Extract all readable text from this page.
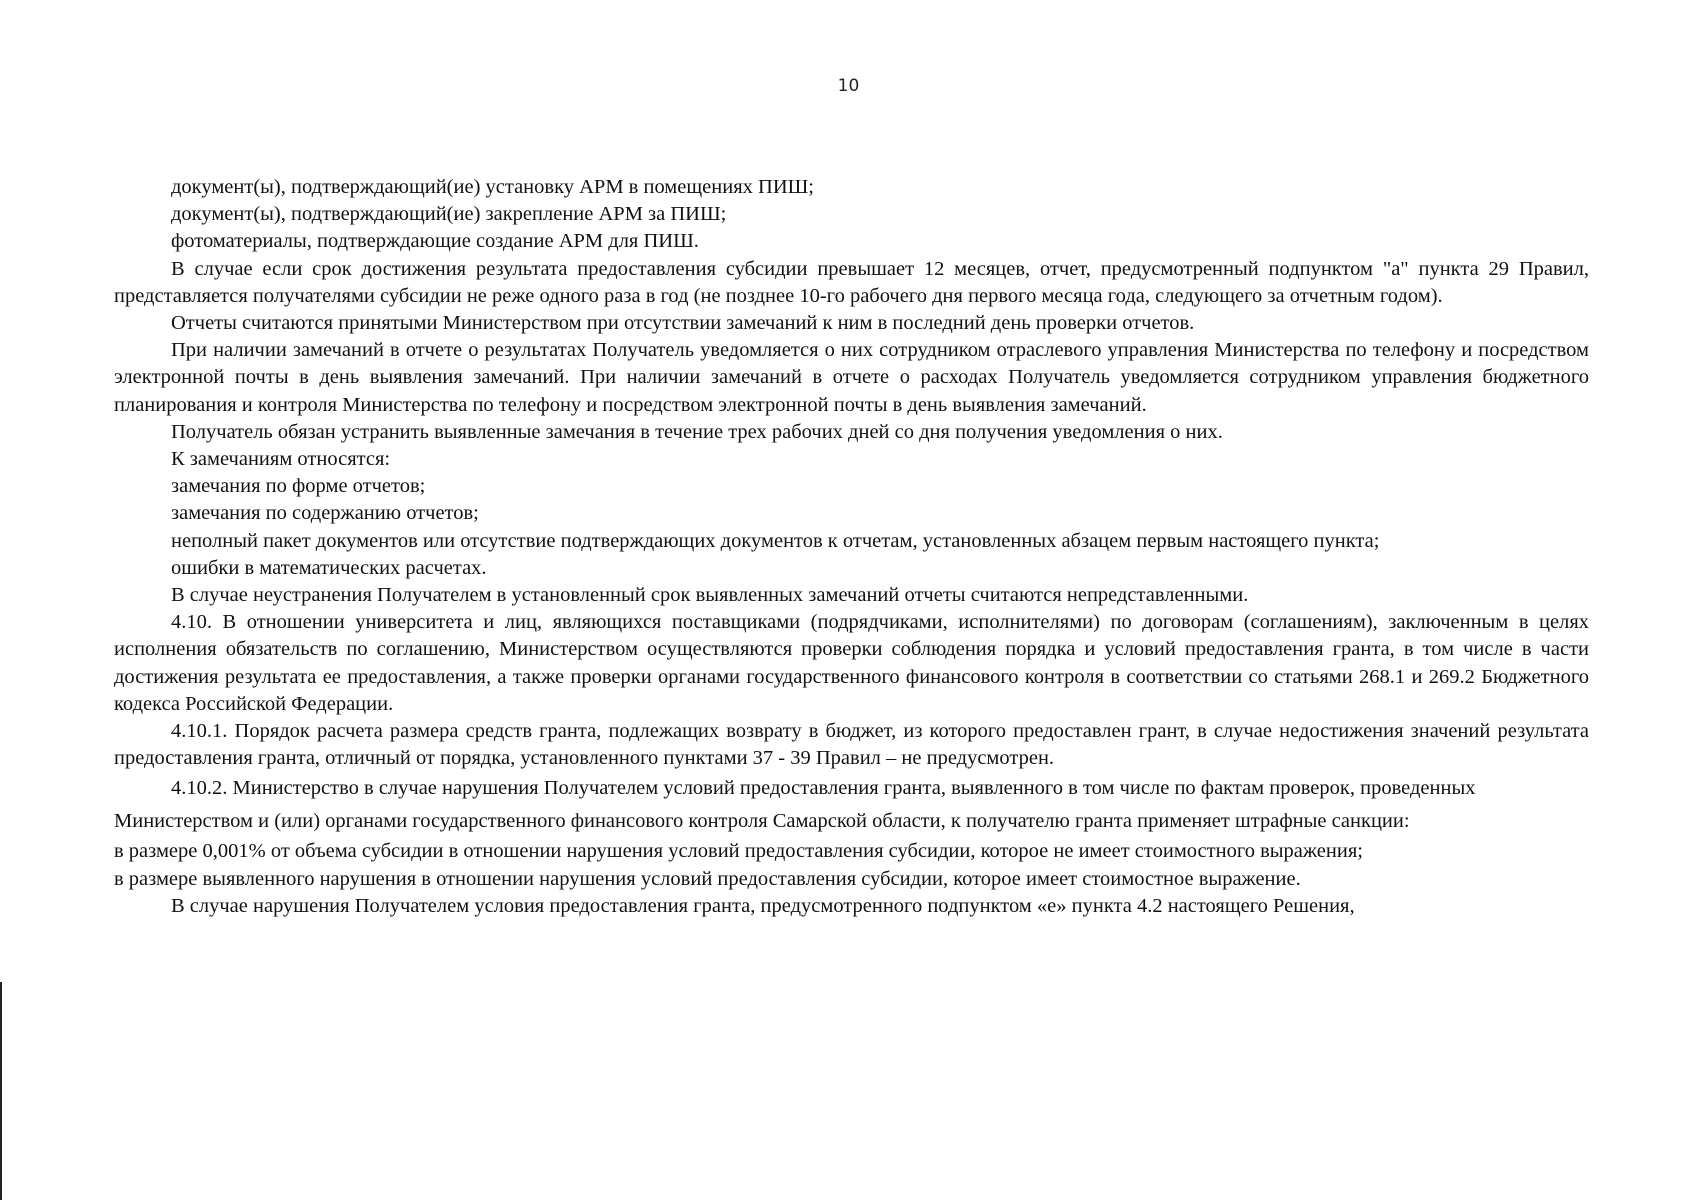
10

документ(ы), подтверждающий(ие) установку АРМ в помещениях ПИШ;

документ(ы), подтверждающий(ие) закрепление АРМ за ПИШ;

фотоматериалы, подтверждающие создание АРМ для ПИШ.

В случае если срок достижения результата предоставления субсидии превышает 12 месяцев, отчет, предусмотренный подпунктом "а" пункта 29 Правил, представляется получателями субсидии не реже одного раза в год (не позднее 10-го рабочего дня первого месяца года, следующего за отчетным годом).

Отчеты считаются принятыми Министерством при отсутствии замечаний к ним в последний день проверки отчетов.

При наличии замечаний в отчете о результатах Получатель уведомляется о них сотрудником отраслевого управления Министерства по телефону и посредством электронной почты в день выявления замечаний. При наличии замечаний в отчете о расходах Получатель уведомляется сотрудником управления бюджетного планирования и контроля Министерства по телефону и посредством электронной почты в день выявления замечаний.

Получатель обязан устранить выявленные замечания в течение трех рабочих дней со дня получения уведомления о них.

К замечаниям относятся:

замечания по форме отчетов;

замечания по содержанию отчетов;

неполный пакет документов или отсутствие подтверждающих документов к отчетам, установленных абзацем первым настоящего пункта;

ошибки в математических расчетах.

В случае неустранения Получателем в установленный срок выявленных замечаний отчеты считаются непредставленными.

4.10. В отношении университета и лиц, являющихся поставщиками (подрядчиками, исполнителями) по договорам (соглашениям), заключенным в целях исполнения обязательств по соглашению, Министерством осуществляются проверки соблюдения порядка и условий предоставления гранта, в том числе в части достижения результата ее предоставления, а также проверки органами государственного финансового контроля в соответствии со статьями 268.1 и 269.2 Бюджетного кодекса Российской Федерации.

4.10.1. Порядок расчета размера средств гранта, подлежащих возврату в бюджет, из которого предоставлен грант, в случае недостижения значений результата предоставления гранта, отличный от порядка, установленного пунктами 37 - 39 Правил – не предусмотрен.

4.10.2. Министерство в случае нарушения Получателем условий предоставления гранта, выявленного в том числе по фактам проверок, проведенных Министерством и (или) органами государственного финансового контроля Самарской области, к получателю гранта применяет штрафные санкции:

в размере 0,001% от объема субсидии в отношении нарушения условий предоставления субсидии, которое не имеет стоимостного выражения;

в размере выявленного нарушения в отношении нарушения условий предоставления субсидии, которое имеет стоимостное выражение.

В случае нарушения Получателем условия предоставления гранта, предусмотренного подпунктом «е» пункта 4.2 настоящего Решения,
